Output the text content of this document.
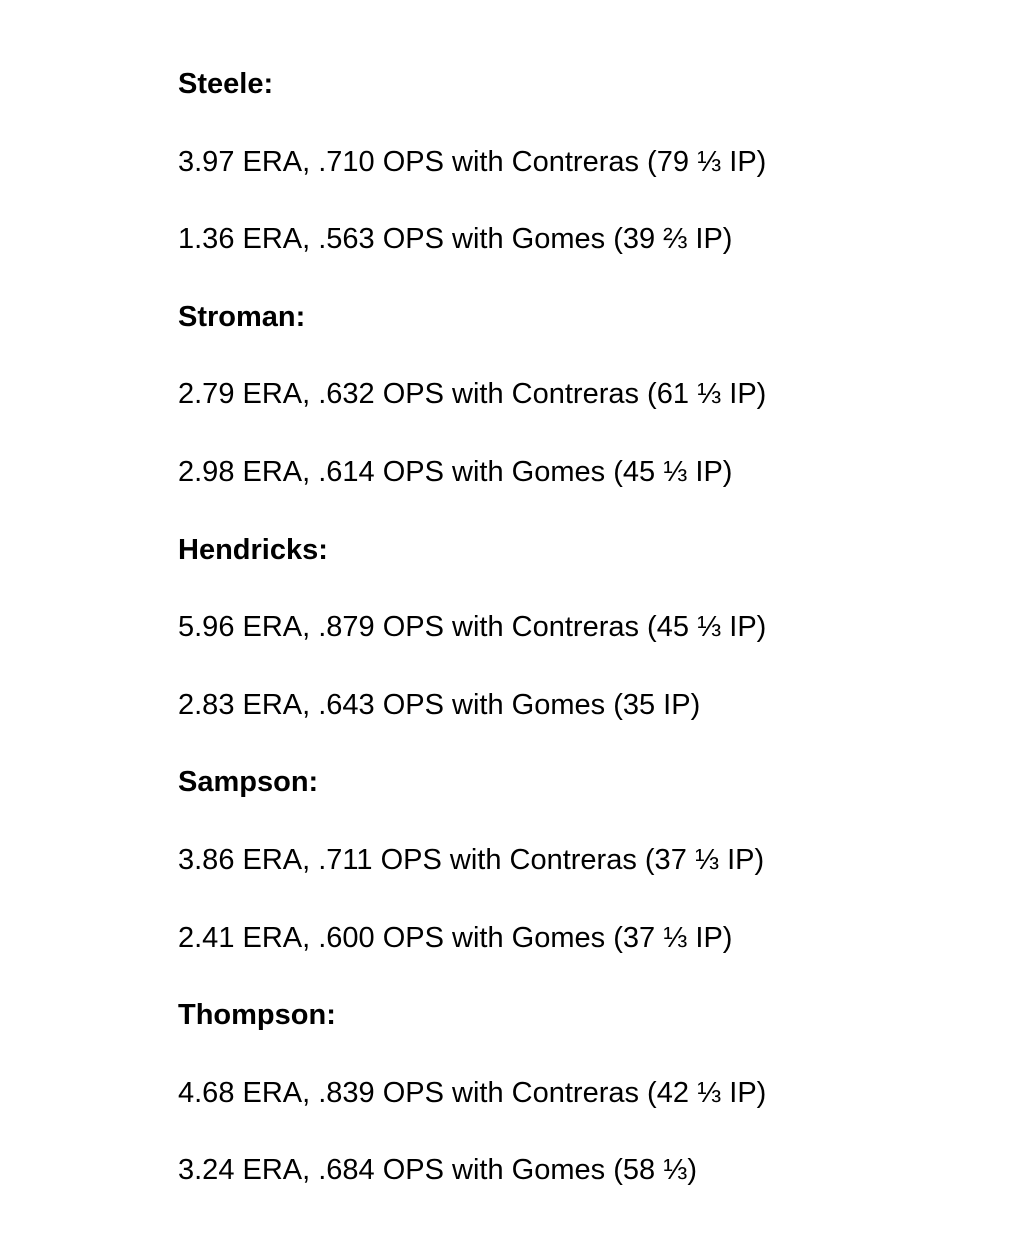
Steele:
3.97 ERA, .710 OPS with Contreras (79 ⅓ IP)
1.36 ERA, .563 OPS with Gomes (39 ⅔ IP)
Stroman:
2.79 ERA, .632 OPS with Contreras (61 ⅓ IP)
2.98 ERA, .614 OPS with Gomes (45 ⅓ IP)
Hendricks:
5.96 ERA, .879 OPS with Contreras (45 ⅓ IP)
2.83 ERA, .643 OPS with Gomes (35 IP)
Sampson:
3.86 ERA, .711 OPS with Contreras (37 ⅓ IP)
2.41 ERA, .600 OPS with Gomes (37 ⅓ IP)
Thompson:
4.68 ERA, .839 OPS with Contreras (42 ⅓ IP)
3.24 ERA, .684 OPS with Gomes (58 ⅓)
